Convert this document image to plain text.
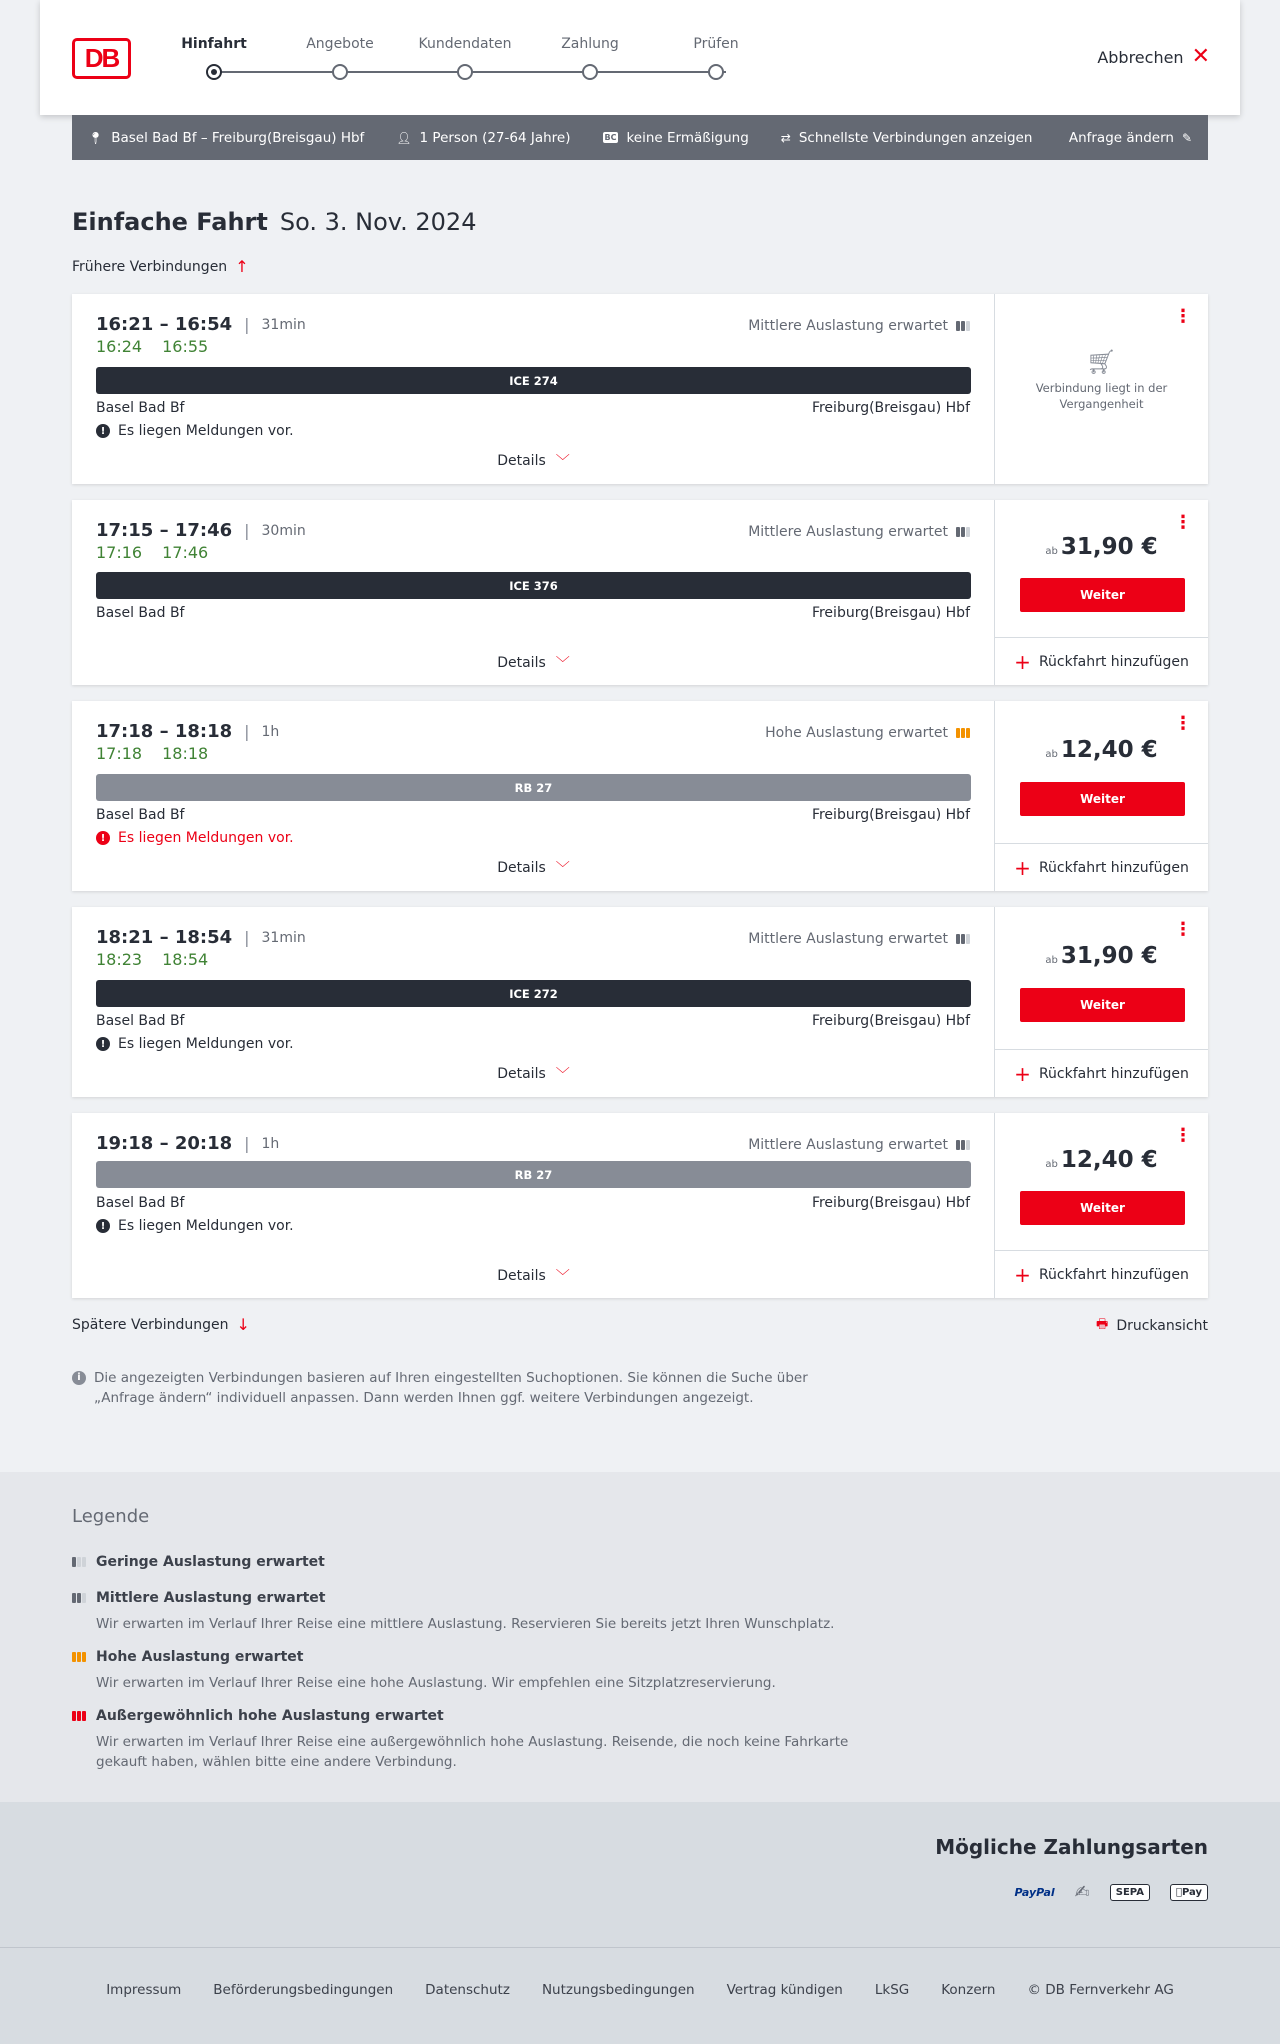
DB	Hinfahrt	Angebote	Kundendaten	Zahlung	Prüfen
Abbrechen ✕
📍︎ Basel Bad Bf – Freiburg(Breisgau) Hbf	👤︎ 1 Person (27-64 Jahre)	BC keine Ermäßigung	⇄ Schnellste Verbindungen anzeigen	Anfrage ändern ✎
Einfache Fahrt So. 3. Nov. 2024
Frühere Verbindungen ↑
16:21 – 16:54 | 31min
16:24 16:55
Mittlere Auslastung erwartet
ICE 274
Basel Bad Bf	Freiburg(Breisgau) Hbf
! Es liegen Meldungen vor.
Details ﹀
⋮
🛒︎
Verbindung liegt in der Vergangenheit
17:15 – 17:46 | 30min
17:16 17:46
Mittlere Auslastung erwartet
ICE 376
Basel Bad Bf	Freiburg(Breisgau) Hbf
Details ﹀
⋮
ab 31,90 €
Weiter
+ Rückfahrt hinzufügen
17:18 – 18:18 | 1h
17:18 18:18
Hohe Auslastung erwartet
RB 27
Basel Bad Bf	Freiburg(Breisgau) Hbf
! Es liegen Meldungen vor.
Details ﹀
⋮
ab 12,40 €
Weiter
+ Rückfahrt hinzufügen
18:21 – 18:54 | 31min
18:23 18:54
Mittlere Auslastung erwartet
ICE 272
Basel Bad Bf	Freiburg(Breisgau) Hbf
! Es liegen Meldungen vor.
Details ﹀
⋮
ab 31,90 €
Weiter
+ Rückfahrt hinzufügen
19:18 – 20:18 | 1h	Mittlere Auslastung erwartet
RB 27
Basel Bad Bf	Freiburg(Breisgau) Hbf
! Es liegen Meldungen vor.
Details ﹀
⋮
ab 12,40 €
Weiter
+ Rückfahrt hinzufügen
Spätere Verbindungen ↓	🖶 Druckansicht
i Die angezeigten Verbindungen basieren auf Ihren eingestellten Suchoptionen. Sie können die Suche über „Anfrage ändern“ individuell anpassen. Dann werden Ihnen ggf. weitere Verbindungen angezeigt.
Legende
Geringe Auslastung erwartet
Mittlere Auslastung erwartet
Wir erwarten im Verlauf Ihrer Reise eine mittlere Auslastung. Reservieren Sie bereits jetzt Ihren Wunschplatz.
Hohe Auslastung erwartet
Wir erwarten im Verlauf Ihrer Reise eine hohe Auslastung. Wir empfehlen eine Sitzplatzreservierung.
Außergewöhnlich hohe Auslastung erwartet
Wir erwarten im Verlauf Ihrer Reise eine außergewöhnlich hohe Auslastung. Reisende, die noch keine Fahrkarte gekauft haben, wählen bitte eine andere Verbindung.
Mögliche Zahlungsarten
PayPal	✍	SEPA	Pay
Impressum Beförderungsbedingungen Datenschutz Nutzungsbedingungen Vertrag kündigen LkSG Konzern © DB Fernverkehr AG
